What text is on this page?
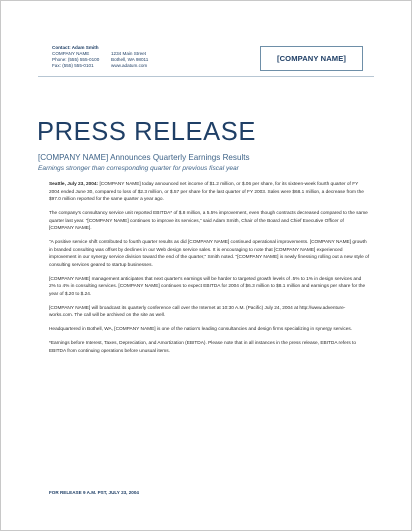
Contact: Adam Smith
COMPANY NAME
Phone: (555) 555-0100
Fax: (555) 555-0101
1234 Main Street
Bothell, WA 98011
www.adatum.com
[COMPANY NAME]
PRESS RELEASE
[COMPANY NAME] Announces Quarterly Earnings Results
Earnings stronger than corresponding quarter for previous fiscal year

Seattle, July 23, 2004: [COMPANY NAME] today announced net income of $1.2 million, or $.06 per share, for its sixteen-week fourth quarter of FY 2004 ended June 30, compared to loss of $2.3 million, or $.57 per share for the last quarter of FY 2003. Sales were $68.1 million, a decrease from the $97.0 million reported for the same quarter a year ago.

The company's consultancy service unit reported EBITDA* of $.8 million, a 5.5% improvement, even though contracts decreased compared to the same quarter last year. "[COMPANY NAME] continues to improve its services," said Adam Smith, Chair of the Board and Chief Executive Officer of [COMPANY NAME].

"A positive service shift contributed to fourth quarter results as did [COMPANY NAME] continued operational improvements. [COMPANY NAME] growth in branded consulting was offset by declines in our Web design service sales. It is encouraging to note that [COMPANY NAME] experienced improvement in our synergy service division toward the end of the quarter," Smith noted. "[COMPANY NAME] is newly finessing rolling out a new style of consulting services geared to startup businesses.

[COMPANY NAME] management anticipates that next quarter's earnings will be harder to targeted growth levels of .5% to 1% in design services and 2% to 4% in consulting services. [COMPANY NAME] continues to expect EBITDA for 2004 of $6.3 million to $8.1 million and earnings per share for the year of $.20 to $.24.

[COMPANY NAME] will broadcast its quarterly conference call over the Internet at 10:30 A.M. (Pacific) July 24, 2004 at http://www.adventure-works.com. The call will be archived on the site as well.

Headquartered in Bothell, WA, [COMPANY NAME] is one of the nation's leading consultancies and design firms specializing in synergy services.

*Earnings before Interest, Taxes, Depreciation, and Amortization (EBITDA). Please note that in all instances in the press release, EBITDA refers to EBITDA from continuing operations before unusual items.

FOR RELEASE 9 A.M. PST, JULY 23, 2004
